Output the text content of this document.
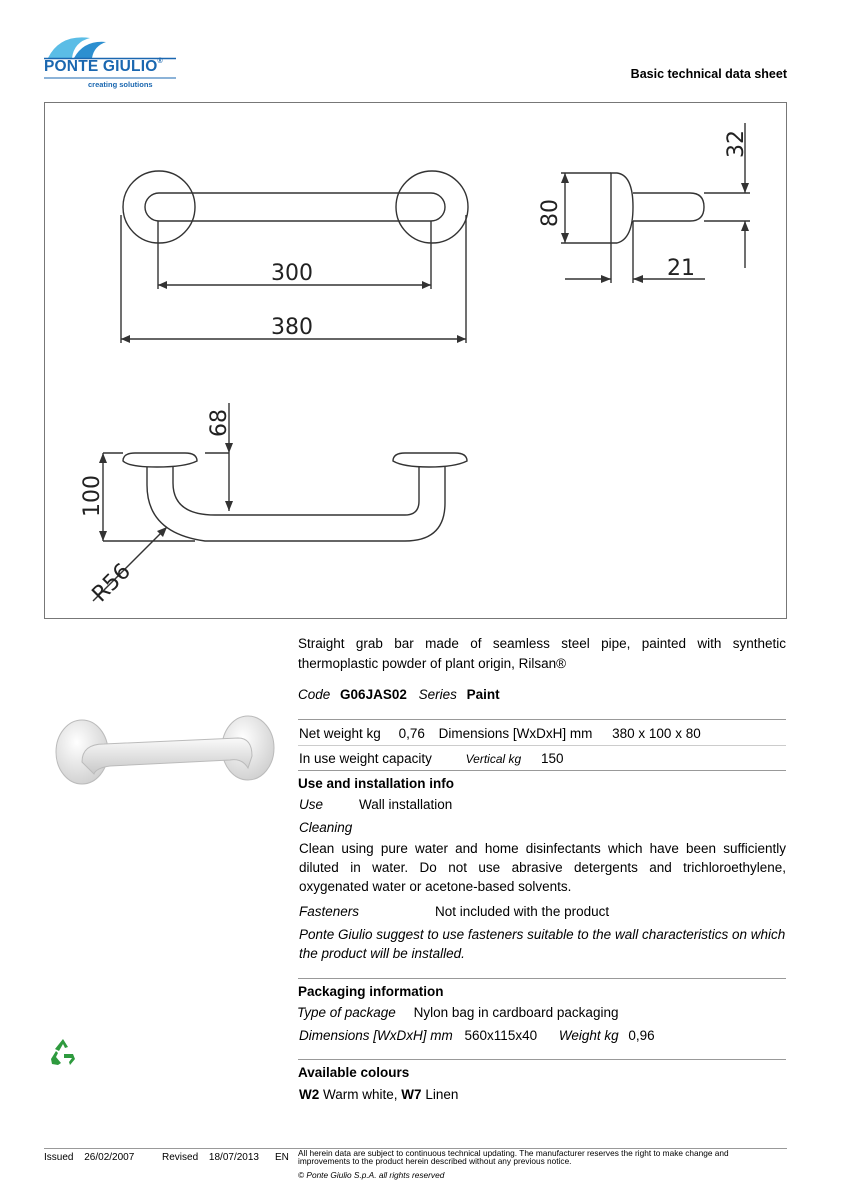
PONTE GIULIO®
creating solutions
Basic technical data sheet
300
380
32
80
21
68
100
R56
Straight grab bar made of seamless steel pipe, painted with synthetic thermoplastic powder of plant origin, Rilsan®
Code G06JAS02 Series Paint
Net weight kg 0,76 Dimensions [WxDxH] mm 380 x 100 x 80
In use weight capacity	Vertical kg 150
Use and installation info
Use	Wall installation
Cleaning
Clean using pure water and home disinfectants which have been sufficiently diluted in water. Do not use abrasive detergents and trichloroethylene, oxygenated water or acetone-based solvents.
Fasteners	Not included with the product
Ponte Giulio suggest to use fasteners suitable to the wall characteristics on which the product will be installed.
Packaging information
Type of package Nylon bag in cardboard packaging
Dimensions [WxDxH] mm 560x115x40 Weight kg 0,96
Available colours
W2 Warm white, W7 Linen
Issued 26/02/2007	Revised 18/07/2013 EN All herein data are subject to continuous technical updating. The manufacturer reserves the right to make change and improvements to the product herein described without any previous notice.
© Ponte Giulio S.p.A. all rights reserved
